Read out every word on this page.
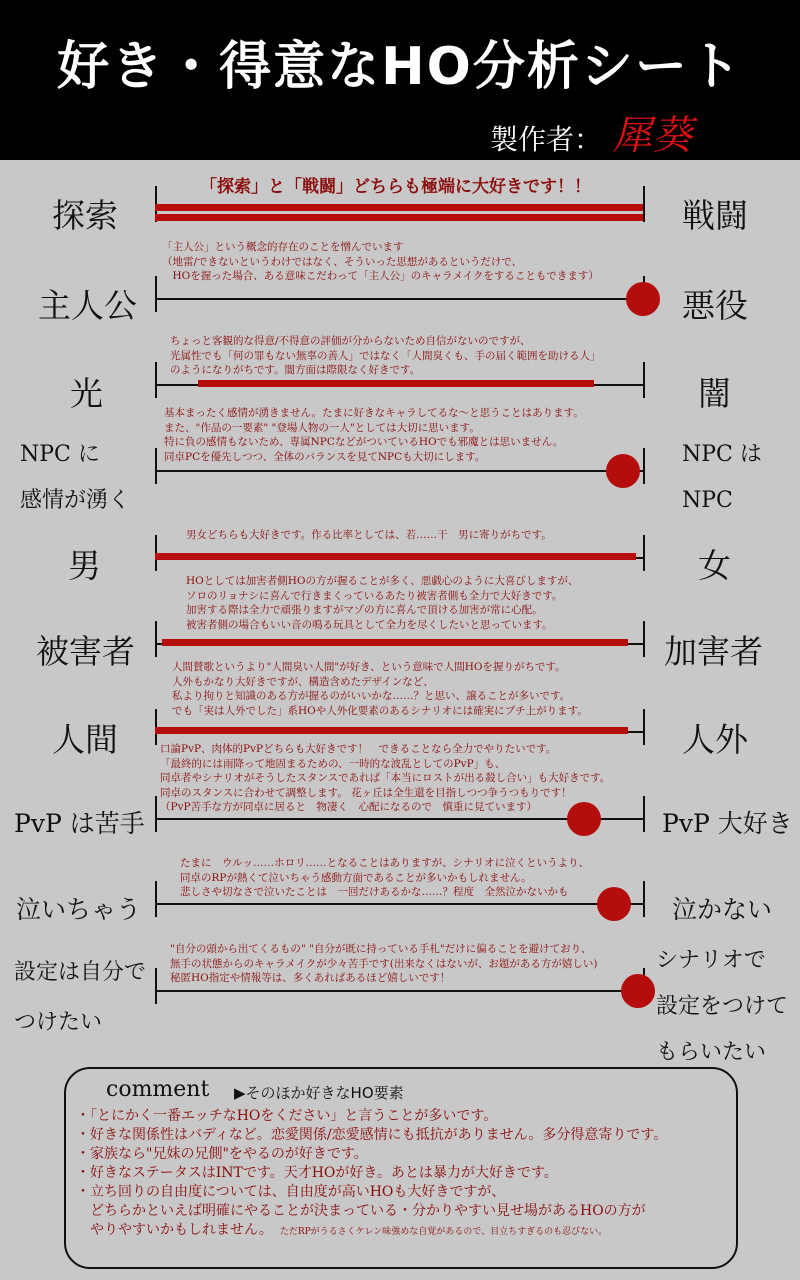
好き・得意なHO分析シート
製作者： 犀葵
探索	戦闘
「探索」と「戦闘」どちらも極端に大好きです！！
主人公	悪役
「主人公」という概念的存在のことを憎んでいます
（地雷/できないというわけではなく、そういった思想があるというだけで、
　HOを握った場合、ある意味こだわって「主人公」のキャラメイクをすることもできます）
光	闇
ちょっと客観的な得意/不得意の評価が分からないため自信がないのですが、
光属性でも「何の罪もない無辜の善人」ではなく「人間臭くも、手の届く範囲を助ける人」
のようになりがちです。闇方面は際限なく好きです。
NPC に
感情が湧く
NPC は
NPC
基本まったく感情が湧きません。たまに好きなキャラしてるな〜と思うことはあります。
また、"作品の一要素" "登場人物の一人"としては大切に思います。
特に負の感情もないため、専属NPCなどがついているHOでも邪魔とは思いません。
同卓PCを優先しつつ、全体のバランスを見てNPCも大切にします。
男	女
男女どちらも大好きです。作る比率としては、若……干　男に寄りがちです。
被害者	加害者
HOとしては加害者側HOの方が握ることが多く、悪戯心のように大喜びしますが、
ソロのリョナシに喜んで行きまくっているあたり被害者側も全力で大好きです。
加害する際は全力で頑張りますがマゾの方に喜んで頂ける加害が常に心配。
被害者側の場合もいい音の鳴る玩具として全力を尽くしたいと思っています。
人間	人外
人間賛歌というより"人間臭い人間"が好き、という意味で人間HOを握りがちです。
人外もかなり大好きですが、構造含めたデザインなど、
私より拘りと知識のある方が握るのがいいかな……？と思い、譲ることが多いです。
でも「実は人外でした」系HOや人外化要素のあるシナリオには確実にブチ上がります。
PvP は苦手	PvP 大好き
口論PvP、肉体的PvPどちらも大好きです！　できることなら全力でやりたいです。
「最終的には雨降って地固まるための、一時的な波乱としてのPvP」も、
同卓者やシナリオがそうしたスタンスであれば「本当にロストが出る殺し合い」も大好きです。
同卓のスタンスに合わせて調整します。 花ヶ丘は全生還を目指しつつ争うつもりです！
（PvP苦手な方が同卓に居ると　物凄く　心配になるので　慎重に見ています）
泣いちゃう	泣かない
たまに　ウルッ……ホロリ……となることはありますが、シナリオに泣くというより、
同卓のRPが熱くて泣いちゃう感動方面であることが多いかもしれません。
悲しさや切なさで泣いたことは　一回だけあるかな……？程度　全然泣かないかも
設定は自分で
つけたい
シナリオで
設定をつけて
もらいたい
"自分の頭から出てくるもの" "自分が既に持っている手札"だけに偏ることを避けており、
無手の状態からのキャラメイクが少々苦手です(出来なくはないが、お題がある方が嬉しい)
秘匿HO指定や情報等は、多くあればあるほど嬉しいです！
comment ▶そのほか好きなHO要素
・「とにかく一番エッチなHOをください」と言うことが多いです。
・好きな関係性はバディなど。恋愛関係/恋愛感情にも抵抗がありません。多分得意寄りです。
・家族なら"兄妹の兄側"をやるのが好きです。
・好きなステータスはINTです。天才HOが好き。あとは暴力が大好きです。
・立ち回りの自由度については、自由度が高いHOも大好きですが、
　どちらかといえば明確にやることが決まっている・分かりやすい見せ場があるHOの方が
　やりやすいかもしれません。　 ただRPがうるさくケレン味強めな自覚があるので、目立ちすぎるのも忍びない。
